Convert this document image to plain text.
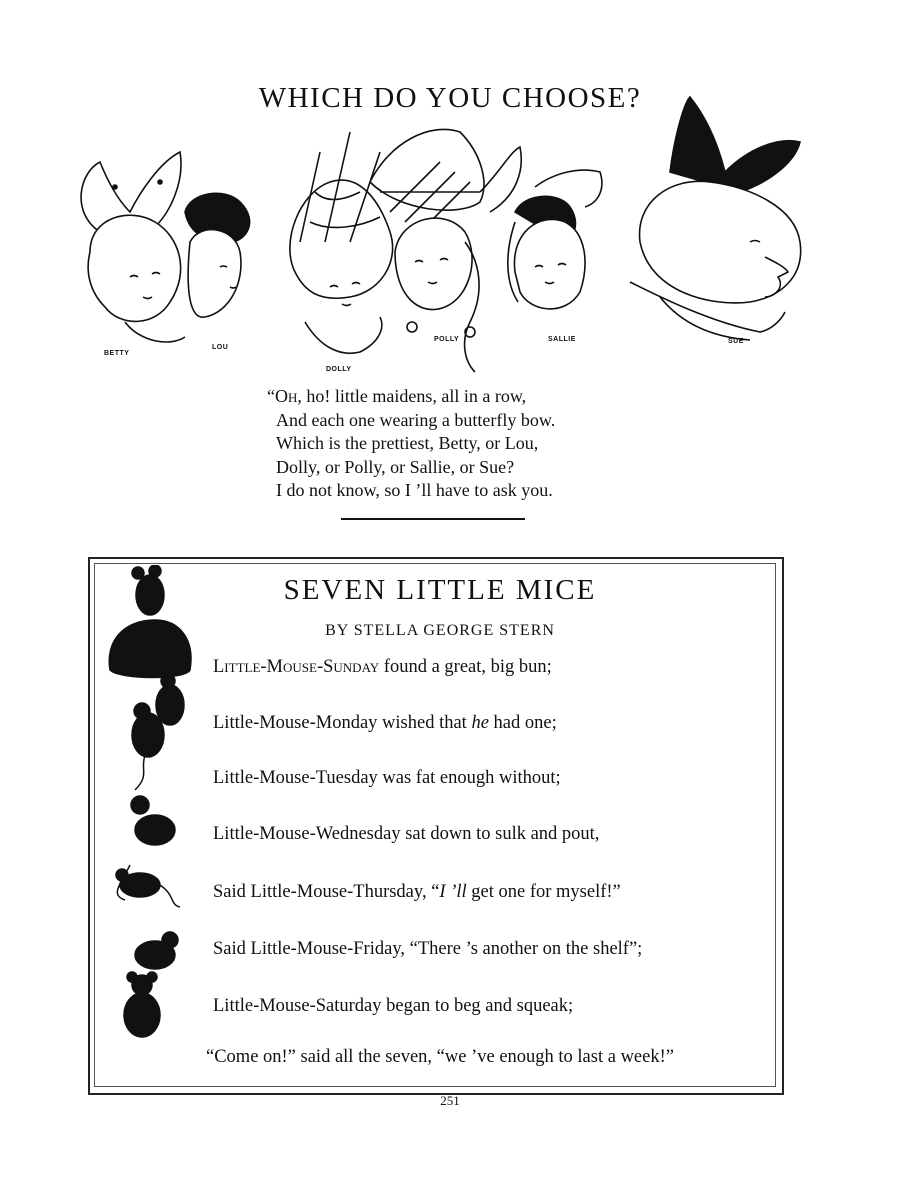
WHICH DO YOU CHOOSE?
BETTY
LOU
DOLLY
POLLY	SALLIE	SUE
“Oh, ho! little maidens, all in a row,
And each one wearing a butterfly bow.
Which is the prettiest, Betty, or Lou,
Dolly, or Polly, or Sallie, or Sue?
I do not know, so I ’ll have to ask you.
SEVEN LITTLE MICE
BY STELLA GEORGE STERN
Little-Mouse-Sunday found a great, big bun;
Little-Mouse-Monday wished that he had one;
Little-Mouse-Tuesday was fat enough without;
Little-Mouse-Wednesday sat down to sulk and pout,
Said Little-Mouse-Thursday, “I ’ll get one for myself!”
Said Little-Mouse-Friday, “There ’s another on the shelf”;
Little-Mouse-Saturday began to beg and squeak;
“Come on!” said all the seven, “we ’ve enough to last a week!”
251
